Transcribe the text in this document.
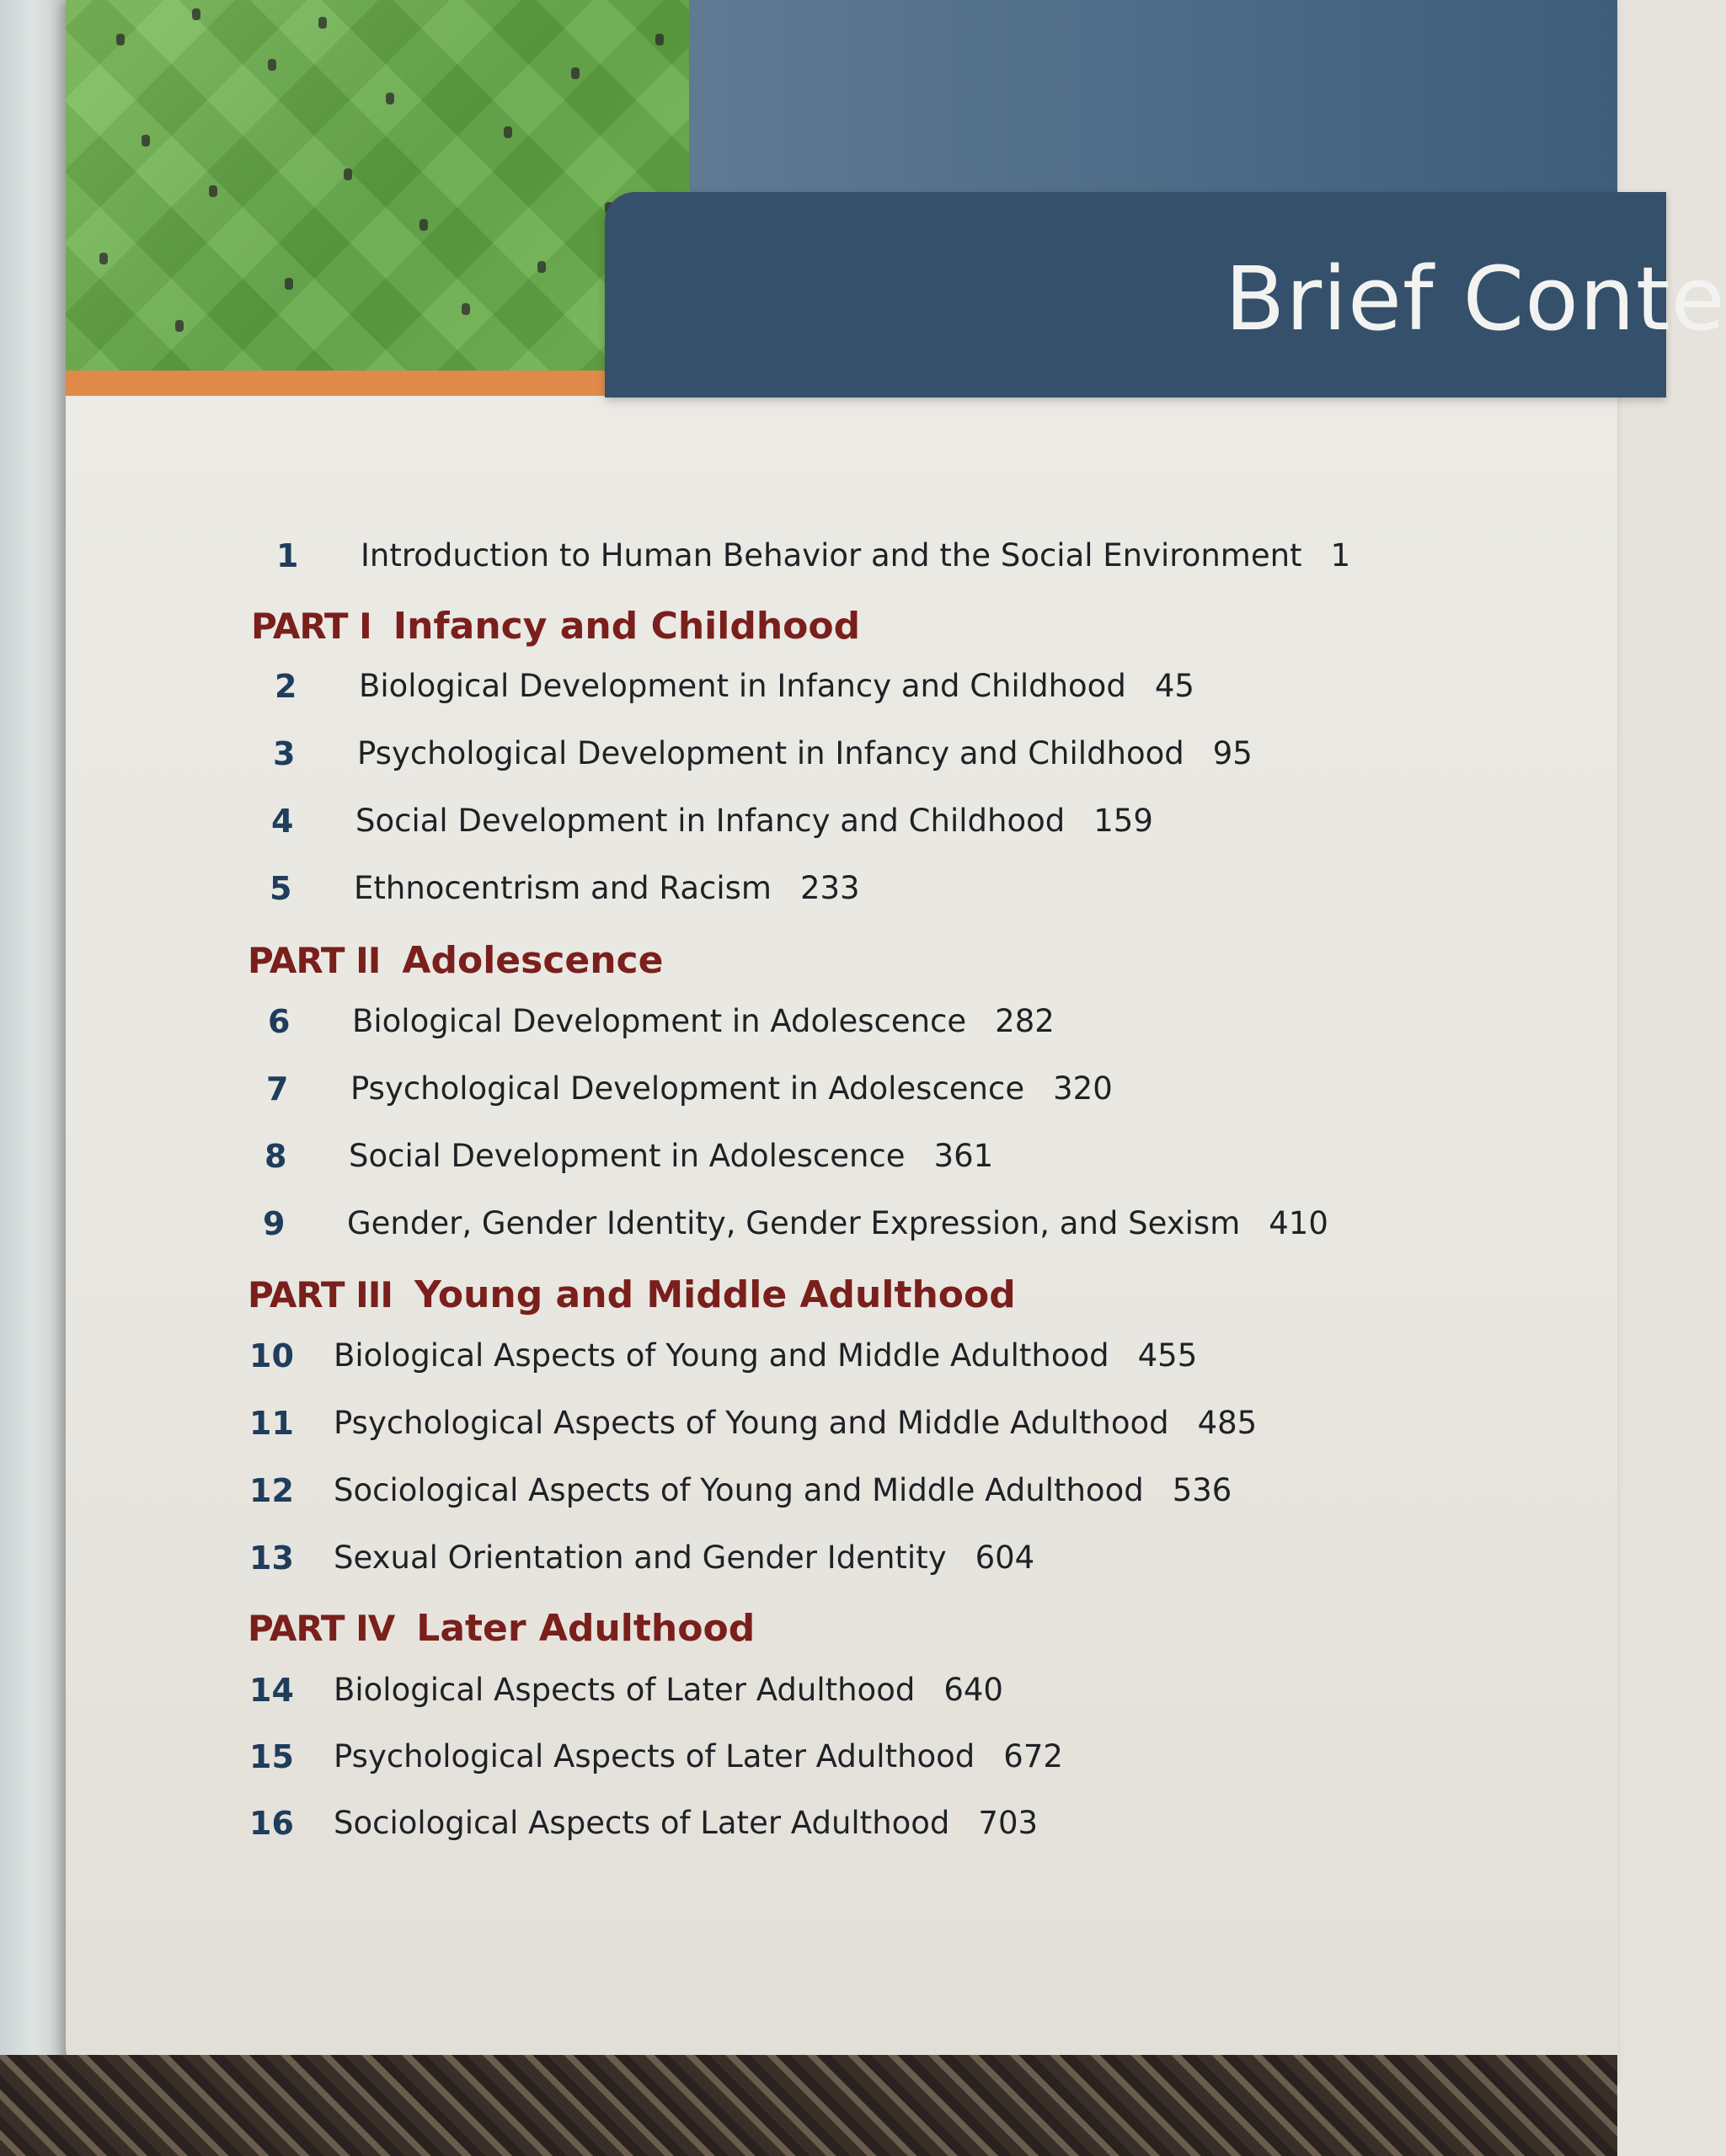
Brief Conte

1 Introduction to Human Behavior and the Social Environment 1
PART I Infancy and Childhood
2 Biological Development in Infancy and Childhood 45
3 Psychological Development in Infancy and Childhood 95
4 Social Development in Infancy and Childhood 159
5 Ethnocentrism and Racism 233
PART II Adolescence
6 Biological Development in Adolescence 282
7 Psychological Development in Adolescence 320
8 Social Development in Adolescence 361
9 Gender, Gender Identity, Gender Expression, and Sexism 410
PART III Young and Middle Adulthood
10 Biological Aspects of Young and Middle Adulthood 455
11 Psychological Aspects of Young and Middle Adulthood 485
12 Sociological Aspects of Young and Middle Adulthood 536
13 Sexual Orientation and Gender Identity 604
PART IV Later Adulthood
14 Biological Aspects of Later Adulthood 640
15 Psychological Aspects of Later Adulthood 672
16 Sociological Aspects of Later Adulthood 703
